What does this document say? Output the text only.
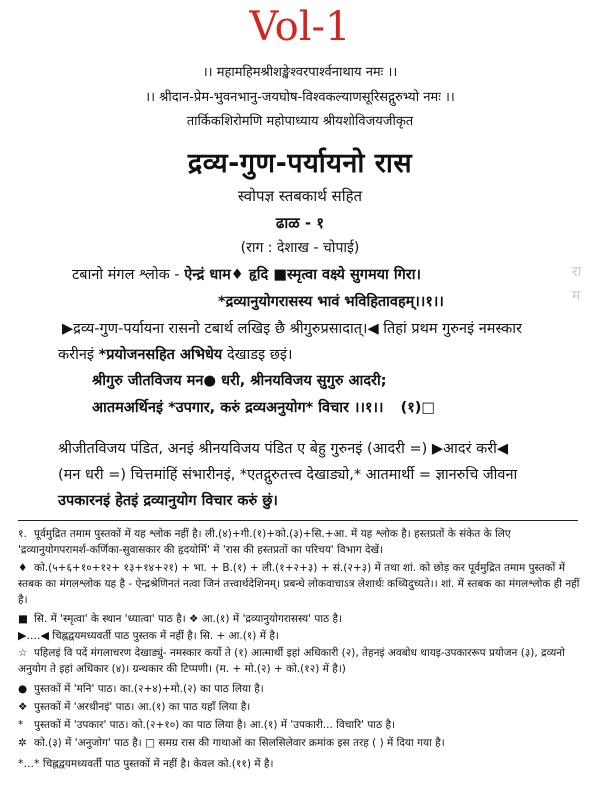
Vol-1
।। महामहिमश्रीशङ्खेश्वरपार्श्वनाथाय नमः ।।
।। श्रीदान-प्रेम-भुवनभानु-जयघोष-विश्वकल्याणसूरिसद्गुरुभ्यो नमः ।।
तार्किकशिरोमणि महोपाध्याय श्रीयशोविजयजीकृत
द्रव्य-गुण-पर्यायनो रास
स्वोपज्ञ स्तबकार्थ सहित
ढाळ - १
(राग : देशाख - चोपाई)
टबानो मंगल श्लोक - ऐन्द्रं धाम♦ हृदि ■स्मृत्वा वक्ष्ये सुगमया गिरा।
*द्रव्यानुयोगरासस्य भावं भविहितावहम्।।१।।
रा
म
▶द्रव्य-गुण-पर्यायना रासनो टबार्थ लखिइ छै श्रीगुरुप्रसादात्।◀ तिहां प्रथम गुरुनइं नमस्कार
करीनइं *प्रयोजनसहित अभिधेय देखाडइ छइं।
श्रीगुरु जीतविजय मन● धरी, श्रीनयविजय सुगुरु आदरी;
आतमअर्थिनइं *उपगार, करुं द्रव्यअनुयोग* विचार ।।१।। (१)□
श्रीजीतविजय पंडित, अनइं श्रीनयविजय पंडित ए बेहु गुरुनइं (आदरी =) ▶आदरं करी◀
(मन धरी =) चित्तमांहिं संभारीनइं, *एतद्गुरुतत्त्व देखाड्यो,* आतमार्थी = ज्ञानरुचि जीवना
उपकारनइं हेतइं द्रव्यानुयोग विचार करुं छुं।
१. पूर्वमुद्रित तमाम पुस्तकों में यह श्लोक नहीं है। ली.(४)+गी.(१)+को.(३)+सि.+आ. में यह श्लोक है। हस्तप्रतों के संकेत के लिए 'द्रव्यानुयोगपरामर्श-कर्णिका-सुवासकार की हृदयोर्मि' में 'रास की हस्तप्रतों का परिचय' विभाग देखें।
♦ को.(५+६+१०+१२+ १३+१४+२१) + भा. + B.(१) + ली.(१+२+३) + सं.(२+३) में तथा शां. को छोड़ कर पूर्वमुद्रित तमाम पुस्तकों में स्तबक का मंगलश्लोक यह है - ऐन्द्रश्रेणिनतं नत्वा जिनं तत्त्वार्थदेशिनम्। प्रबन्धे लोकवाचाऽत्र लेशार्थः कथ्यिदुच्यते।। शां. में स्तबक का मंगलश्लोक ही नहीं है।
■ सि. में 'स्मृत्वा' के स्थान 'ध्यात्वा' पाठ है। ❖ आ.(१) में 'द्रव्यानुयोगरासस्य' पाठ है।
▶....◀ चिह्नद्वयमध्यवर्ती पाठ पुस्तक में नहीं है। सि. + आ.(१) में है।
☆ पहिलइं वि पदें मंगलाचरण देखाड्युं- नमस्कार कर्यो ते (१) आत्मार्थी इहां अधिकारी (२), तेहनइं अवबोध थायइ-उपकाररूप प्रयोजन (३), द्रव्यनो अनुयोग ते इहां अधिकार (४)। ग्रन्थकार की टिप्पणी। (म. + मो.(२) + को.(१२) में है।)
● पुस्तकों में 'मनि' पाठ। का.(२+४)+मो.(२) का पाठ लिया है।
❖ पुस्तकों में 'अरथीनइं' पाठ। आ.(१) का पाठ यहाँ लिया है।
* पुस्तकों में 'उपकार' पाठ। को.(२+१०) का पाठ लिया है। आ.(१) में 'उपकारी... विचारि' पाठ है।
✲ को.(३) में 'अनुजोग' पाठ है। □ समग्र रास की गाथाओं का सिलसिलेवार क्रमांक इस तरह ( ) में दिया गया है।
*...* चिह्नद्वयमध्यवर्ती पाठ पुस्तकों में नहीं है। केवल को.(११) में है।
